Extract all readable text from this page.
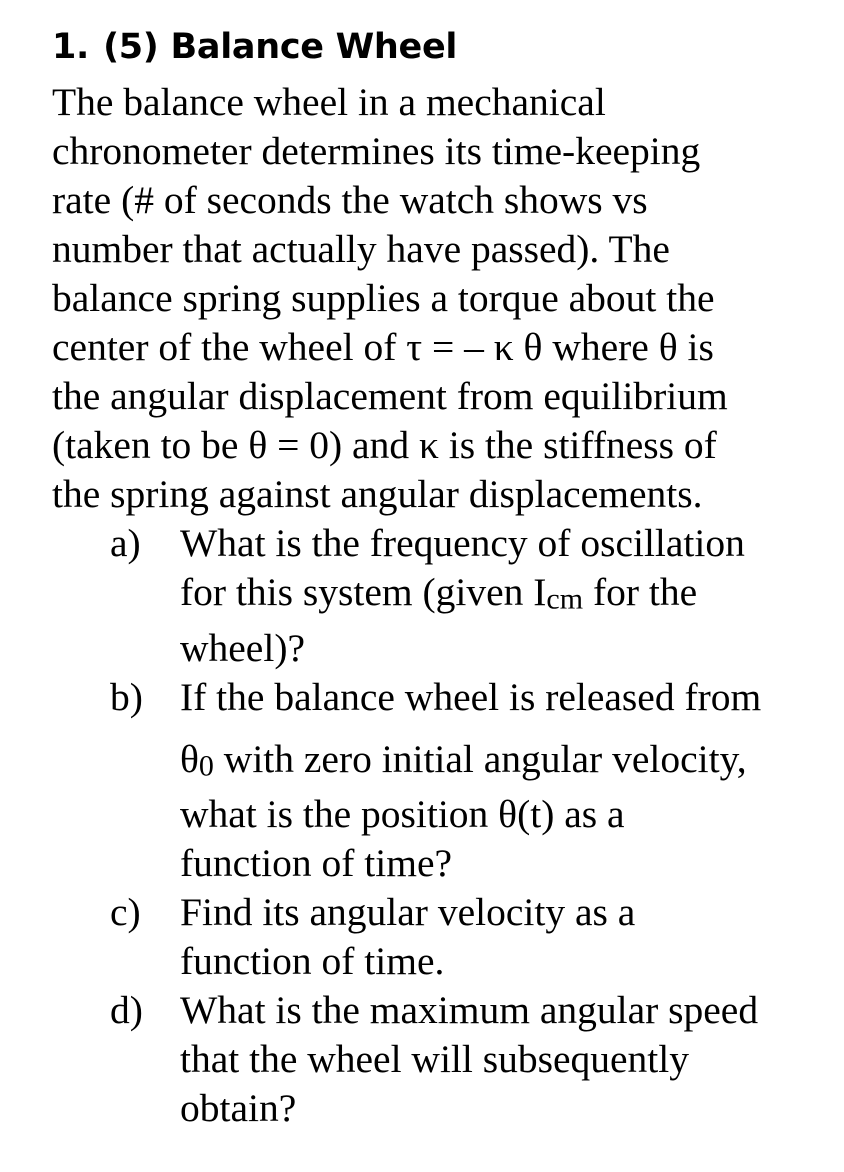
1. (5) Balance Wheel

The balance wheel in a mechanical
chronometer determines its time-keeping
rate (# of seconds the watch shows vs
number that actually have passed). The
balance spring supplies a torque about the
center of the wheel of τ = – κ θ where θ is
the angular displacement from equilibrium
(taken to be θ = 0) and κ is the stiffness of
the spring against angular displacements.

a) What is the frequency of oscillation
for this system (given Icm for the
wheel)?
b) If the balance wheel is released from
θ0 with zero initial angular velocity,
what is the position θ(t) as a
function of time?
c) Find its angular velocity as a
function of time.
d) What is the maximum angular speed
that the wheel will subsequently
obtain?
